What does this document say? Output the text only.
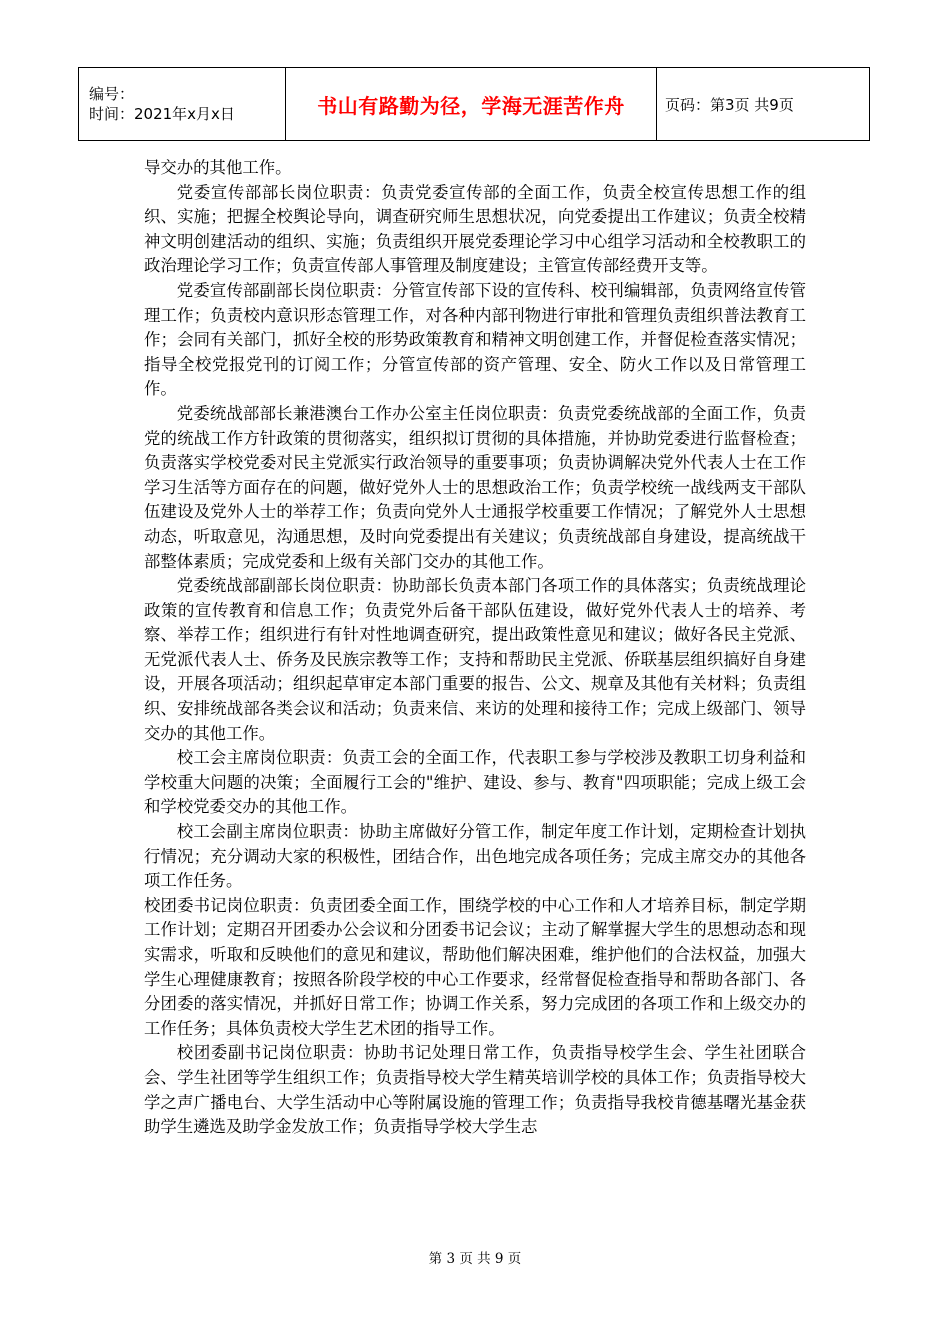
编号：
时间：2021年x月x日	书山有路勤为径，学海无涯苦作舟	页码：第3页 共9页

导交办的其他工作。

党委宣传部部长岗位职责：负责党委宣传部的全面工作，负责全校宣传思想工作的组织、实施；把握全校舆论导向，调查研究师生思想状况，向党委提出工作建议；负责全校精神文明创建活动的组织、实施；负责组织开展党委理论学习中心组学习活动和全校教职工的政治理论学习工作；负责宣传部人事管理及制度建设；主管宣传部经费开支等。

党委宣传部副部长岗位职责：分管宣传部下设的宣传科、校刊编辑部，负责网络宣传管理工作；负责校内意识形态管理工作，对各种内部刊物进行审批和管理负责组织普法教育工作；会同有关部门，抓好全校的形势政策教育和精神文明创建工作，并督促检查落实情况；指导全校党报党刊的订阅工作；分管宣传部的资产管理、安全、防火工作以及日常管理工作。

党委统战部部长兼港澳台工作办公室主任岗位职责：负责党委统战部的全面工作，负责党的统战工作方针政策的贯彻落实，组织拟订贯彻的具体措施，并协助党委进行监督检查；负责落实学校党委对民主党派实行政治领导的重要事项；负责协调解决党外代表人士在工作学习生活等方面存在的问题，做好党外人士的思想政治工作；负责学校统一战线两支干部队伍建设及党外人士的举荐工作；负责向党外人士通报学校重要工作情况；了解党外人士思想动态，听取意见，沟通思想，及时向党委提出有关建议；负责统战部自身建设，提高统战干部整体素质；完成党委和上级有关部门交办的其他工作。

党委统战部副部长岗位职责：协助部长负责本部门各项工作的具体落实；负责统战理论政策的宣传教育和信息工作；负责党外后备干部队伍建设，做好党外代表人士的培养、考察、举荐工作；组织进行有针对性地调查研究，提出政策性意见和建议；做好各民主党派、无党派代表人士、侨务及民族宗教等工作；支持和帮助民主党派、侨联基层组织搞好自身建设，开展各项活动；组织起草审定本部门重要的报告、公文、规章及其他有关材料；负责组织、安排统战部各类会议和活动；负责来信、来访的处理和接待工作；完成上级部门、领导交办的其他工作。

校工会主席岗位职责：负责工会的全面工作，代表职工参与学校涉及教职工切身利益和学校重大问题的决策；全面履行工会的"维护、建设、参与、教育"四项职能；完成上级工会和学校党委交办的其他工作。

校工会副主席岗位职责：协助主席做好分管工作，制定年度工作计划，定期检查计划执行情况；充分调动大家的积极性，团结合作，出色地完成各项任务；完成主席交办的其他各项工作任务。

校团委书记岗位职责：负责团委全面工作，围绕学校的中心工作和人才培养目标，制定学期工作计划；定期召开团委办公会议和分团委书记会议；主动了解掌握大学生的思想动态和现实需求，听取和反映他们的意见和建议，帮助他们解决困难，维护他们的合法权益，加强大学生心理健康教育；按照各阶段学校的中心工作要求，经常督促检查指导和帮助各部门、各分团委的落实情况，并抓好日常工作；协调工作关系，努力完成团的各项工作和上级交办的工作任务；具体负责校大学生艺术团的指导工作。

校团委副书记岗位职责：协助书记处理日常工作，负责指导校学生会、学生社团联合会、学生社团等学生组织工作；负责指导校大学生精英培训学校的具体工作；负责指导校大学之声广播电台、大学生活动中心等附属设施的管理工作；负责指导我校肯德基曙光基金获助学生遴选及助学金发放工作；负责指导学校大学生志

第 3 页 共 9 页
